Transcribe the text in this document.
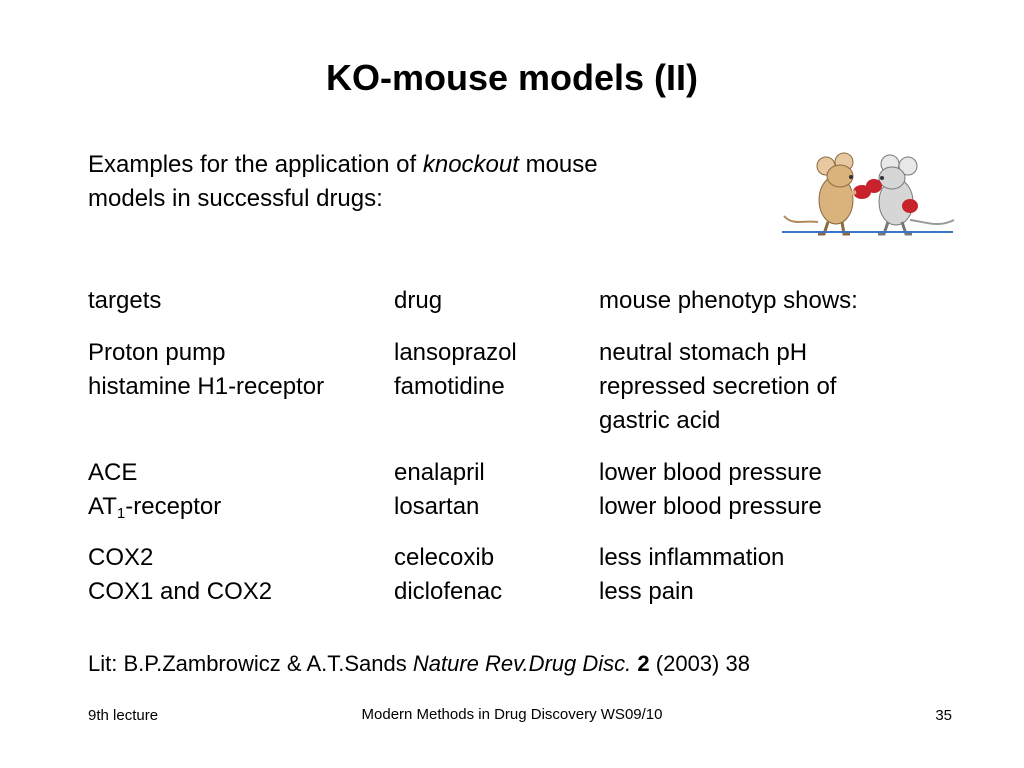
KO-mouse models (II)
Examples for the application of knockout mouse
models in successful drugs:
targets	drug	mouse phenotyp shows:
Proton pump	lansoprazol	neutral stomach pH
histamine H1-receptor	famotidine	repressed secretion of
gastric acid
ACE	enalapril	lower blood pressure
$AT_1$-receptor	losartan	lower blood pressure
COX2	celecoxib	less inflammation
COX1 and COX2	diclofenac	less pain
Lit: B.P.Zambrowicz & A.T.Sands Nature Rev.Drug Disc. 2 (2003) 38
9th lecture	Modern Methods in Drug Discovery WS09/10	35
